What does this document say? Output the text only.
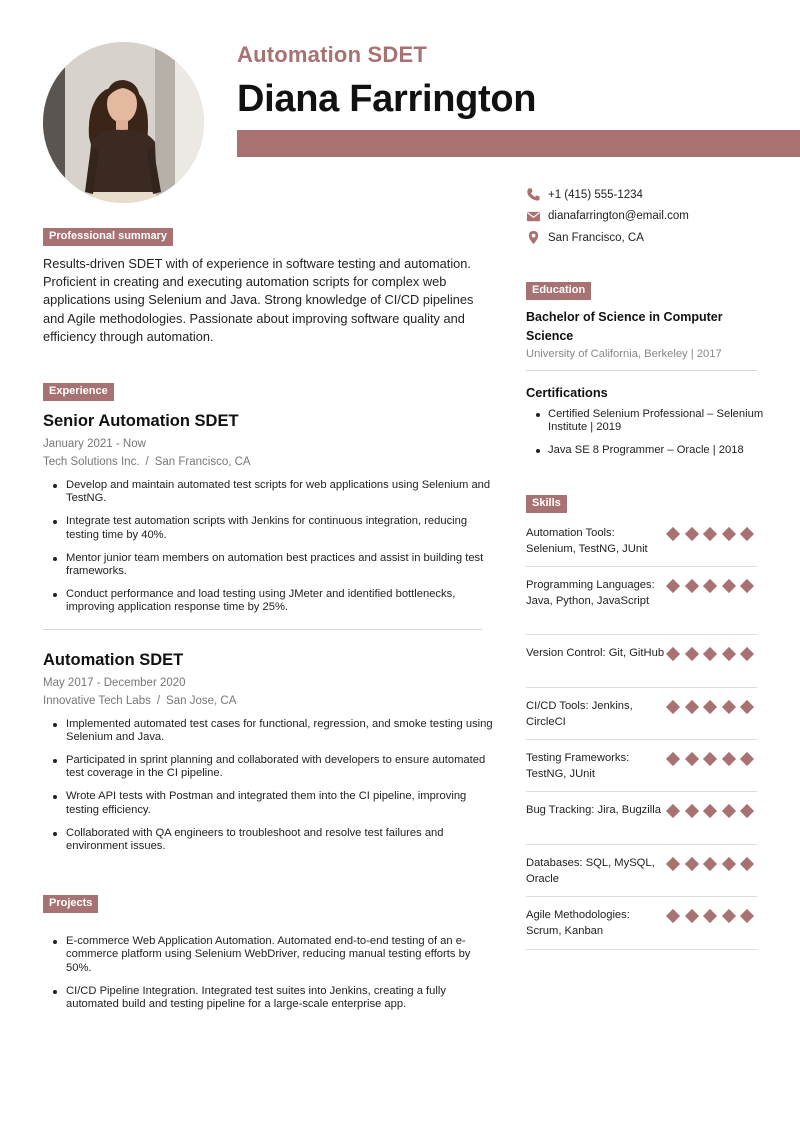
Automation SDET
Diana Farrington
+1 (415) 555-1234
dianafarrington@email.com
San Francisco, CA
Professional summary

Results-driven SDET with of experience in software testing and automation. Proficient in creating and executing automation scripts for complex web applications using Selenium and Java. Strong knowledge of CI/CD pipelines and Agile methodologies. Passionate about improving software quality and efficiency through automation.

Experience
Senior Automation SDET
January 2021 - Now
Tech Solutions Inc. / San Francisco, CA
Develop and maintain automated test scripts for web applications using Selenium and TestNG.
Integrate test automation scripts with Jenkins for continuous integration, reducing testing time by 40%.
Mentor junior team members on automation best practices and assist in building test frameworks.
Conduct performance and load testing using JMeter and identified bottlenecks, improving application response time by 25%.
Automation SDET
May 2017 - December 2020
Innovative Tech Labs / San Jose, CA
Implemented automated test cases for functional, regression, and smoke testing using Selenium and Java.
Participated in sprint planning and collaborated with developers to ensure automated test coverage in the CI pipeline.
Wrote API tests with Postman and integrated them into the CI pipeline, improving testing efficiency.
Collaborated with QA engineers to troubleshoot and resolve test failures and environment issues.
Projects
E-commerce Web Application Automation. Automated end-to-end testing of an e-commerce platform using Selenium WebDriver, reducing manual testing efforts by 50%.
CI/CD Pipeline Integration. Integrated test suites into Jenkins, creating a fully automated build and testing pipeline for a large-scale enterprise app.
Education
Bachelor of Science in Computer Science
University of California, Berkeley | 2017
Certifications
Certified Selenium Professional – Selenium Institute | 2019
Java SE 8 Programmer – Oracle | 2018
Skills
Automation Tools: Selenium, TestNG, JUnit
Programming Languages: Java, Python, JavaScript
Version Control: Git, GitHub
CI/CD Tools: Jenkins, CircleCI
Testing Frameworks: TestNG, JUnit
Bug Tracking: Jira, Bugzilla
Databases: SQL, MySQL, Oracle
Agile Methodologies: Scrum, Kanban
